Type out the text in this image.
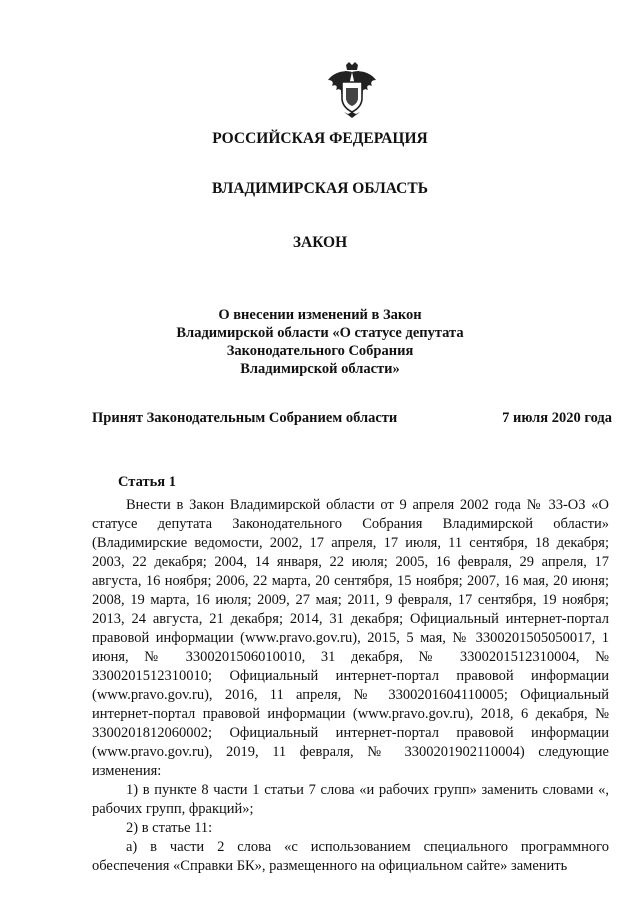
РОССИЙСКАЯ ФЕДЕРАЦИЯ
ВЛАДИМИРСКАЯ ОБЛАСТЬ
ЗАКОН
О внесении изменений в Закон
Владимирской области «О статусе депутата
Законодательного Собрания
Владимирской области»
Принят Законодательным Собранием области	7 июля 2020 года
Статья 1

Внести в Закон Владимирской области от 9 апреля 2002 года № 33-ОЗ «О статусе депутата Законодательного Собрания Владимирской области» (Владимирские ведомости, 2002, 17 апреля, 17 июля, 11 сентября, 18 декабря; 2003, 22 декабря; 2004, 14 января, 22 июля; 2005, 16 февраля, 29 апреля, 17 августа, 16 ноября; 2006, 22 марта, 20 сентября, 15 ноября; 2007, 16 мая, 20 июня; 2008, 19 марта, 16 июля; 2009, 27 мая; 2011, 9 февраля, 17 сентября, 19 ноября; 2013, 24 августа, 21 декабря; 2014, 31 декабря; Официальный интернет-портал правовой информации (www.pravo.gov.ru), 2015, 5 мая, № 3300201505050017, 1 июня, № 3300201506010010, 31 декабря, № 3300201512310004, № 3300201512310010; Официальный интернет-портал правовой информации (www.pravo.gov.ru), 2016, 11 апреля, № 3300201604110005; Официальный интернет-портал правовой информации (www.pravo.gov.ru), 2018, 6 декабря, № 3300201812060002; Официальный интернет-портал правовой информации (www.pravo.gov.ru), 2019, 11 февраля, № 3300201902110004) следующие изменения:

1) в пункте 8 части 1 статьи 7 слова «и рабочих групп» заменить словами «, рабочих групп, фракций»;

2) в статье 11:

а) в части 2 слова «с использованием специального программного обеспечения «Справки БК», размещенного на официальном сайте» заменить
